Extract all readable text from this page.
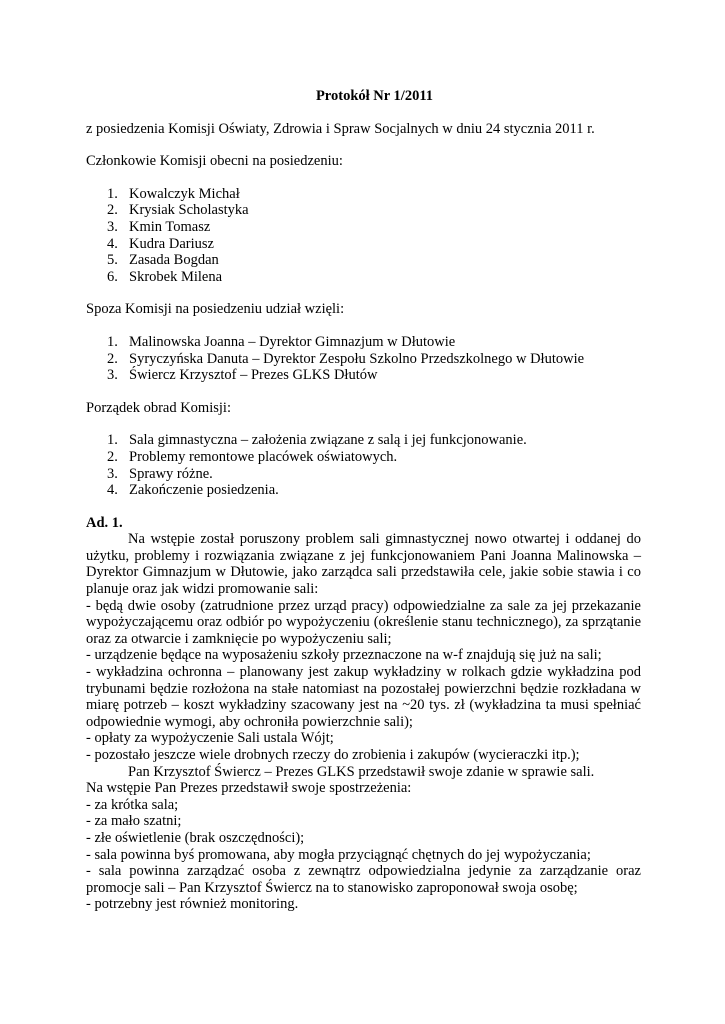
Protokół Nr 1/2011

z posiedzenia Komisji Oświaty, Zdrowia i Spraw Socjalnych w dniu 24 stycznia 2011 r.

Członkowie Komisji obecni na posiedzeniu:

1. Kowalczyk Michał
2. Krysiak Scholastyka
3. Kmin Tomasz
4. Kudra Dariusz
5. Zasada Bogdan
6. Skrobek Milena

Spoza Komisji na posiedzeniu udział wzięli:

1. Malinowska Joanna – Dyrektor Gimnazjum w Dłutowie
2. Syryczyńska Danuta – Dyrektor Zespołu Szkolno Przedszkolnego w Dłutowie
3. Świercz Krzysztof – Prezes GLKS Dłutów

Porządek obrad Komisji:

1. Sala gimnastyczna – założenia związane z salą i jej funkcjonowanie.
2. Problemy remontowe placówek oświatowych.
3. Sprawy różne.
4. Zakończenie posiedzenia.

Ad. 1.

Na wstępie został poruszony problem sali gimnastycznej nowo otwartej i oddanej do użytku, problemy i rozwiązania związane z jej funkcjonowaniem Pani Joanna Malinowska – Dyrektor Gimnazjum w Dłutowie, jako zarządca sali przedstawiła cele, jakie sobie stawia i co planuje oraz jak widzi promowanie sali:

- będą dwie osoby (zatrudnione przez urząd pracy) odpowiedzialne za sale za jej przekazanie wypożyczającemu oraz odbiór po wypożyczeniu (określenie stanu technicznego), za sprzątanie oraz za otwarcie i zamknięcie po wypożyczeniu sali;

- urządzenie będące na wyposażeniu szkoły przeznaczone na w-f znajdują się już na sali;

- wykładzina ochronna – planowany jest zakup wykładziny w rolkach gdzie wykładzina pod trybunami będzie rozłożona na stałe natomiast na pozostałej powierzchni będzie rozkładana w miarę potrzeb – koszt wykładziny szacowany jest na ~20 tys. zł (wykładzina ta musi spełniać odpowiednie wymogi, aby ochroniła powierzchnie sali);

- opłaty za wypożyczenie Sali ustala Wójt;

- pozostało jeszcze wiele drobnych rzeczy do zrobienia i zakupów (wycieraczki itp.);

Pan Krzysztof Świercz – Prezes GLKS przedstawił swoje zdanie w sprawie sali.

Na wstępie Pan Prezes przedstawił swoje spostrzeżenia:

- za krótka sala;

- za mało szatni;

- złe oświetlenie (brak oszczędności);

- sala powinna byś promowana, aby mogła przyciągnąć chętnych do jej wypożyczania;

- sala powinna zarządzać osoba z zewnątrz odpowiedzialna jedynie za zarządzanie oraz promocje sali – Pan Krzysztof Świercz na to stanowisko zaproponował swoja osobę;

- potrzebny jest również monitoring.
